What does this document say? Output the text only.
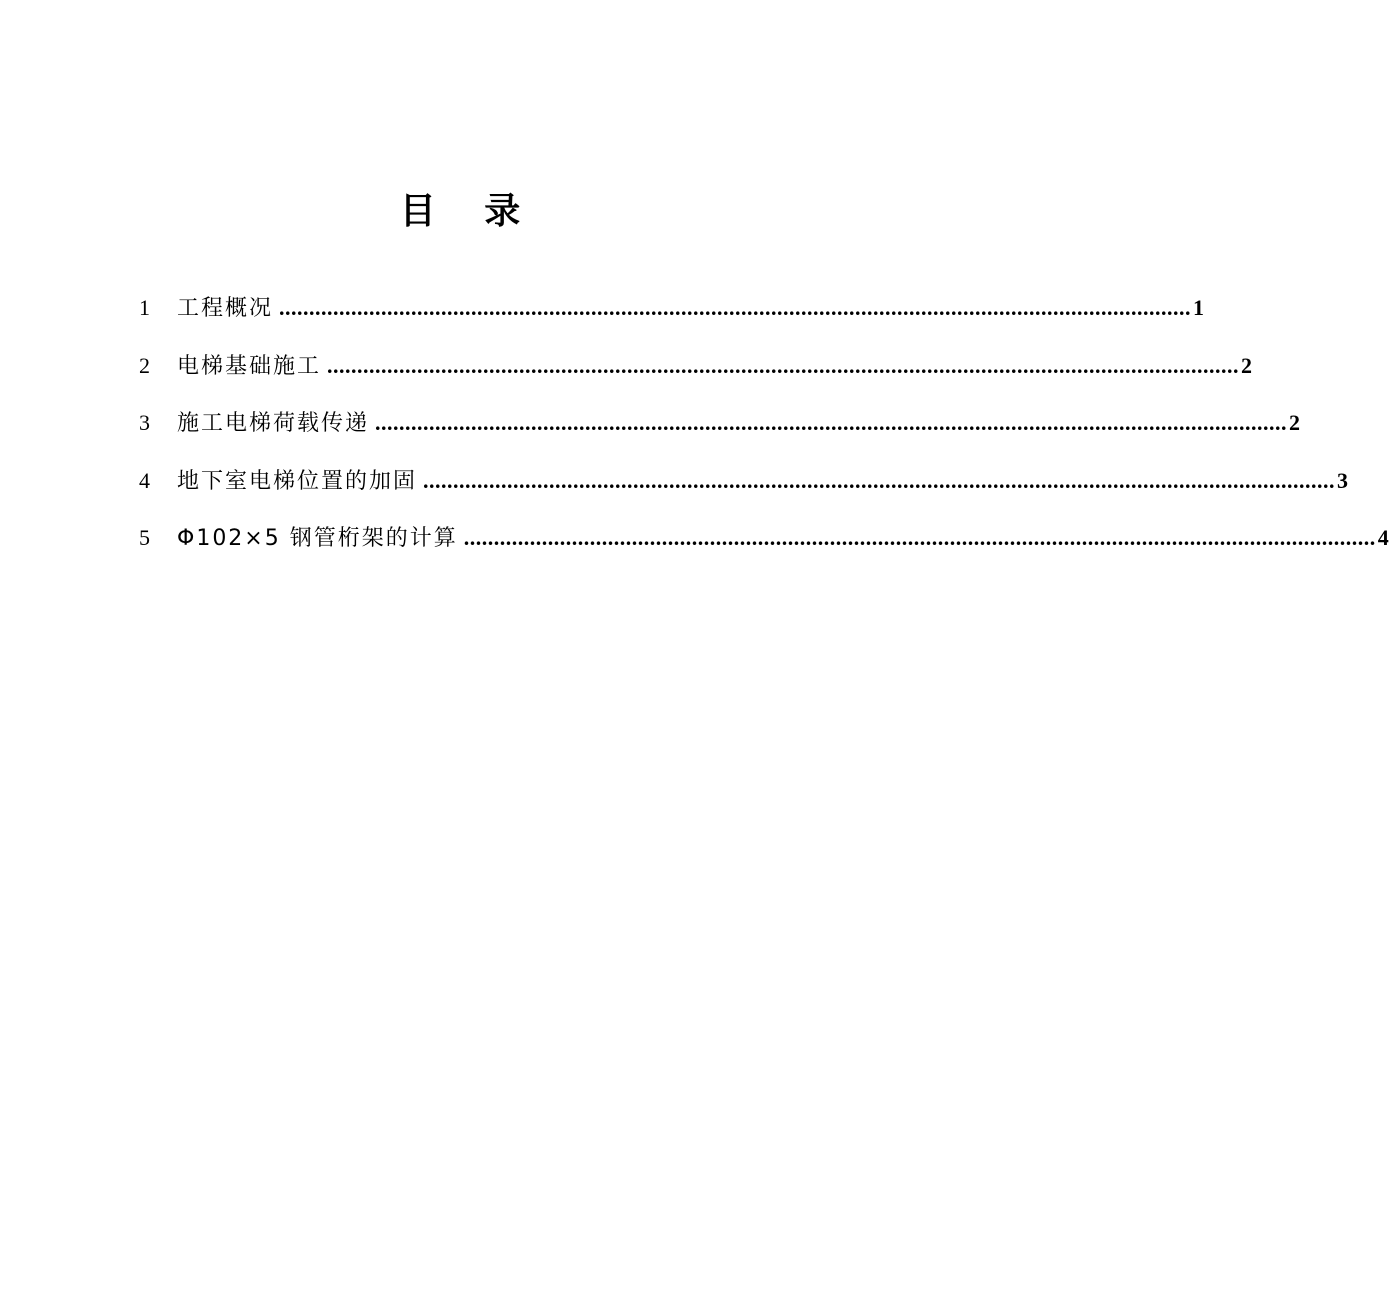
目 录
1	工程概况 ........................................................................................................................................................ 1
2	电梯基础施工 ........................................................................................................................................................ 2
3	施工电梯荷载传递 ........................................................................................................................................................ 2
4	地下室电梯位置的加固 ........................................................................................................................................................ 3
5	Φ102×5 钢管桁架的计算 ........................................................................................................................................................ 4
